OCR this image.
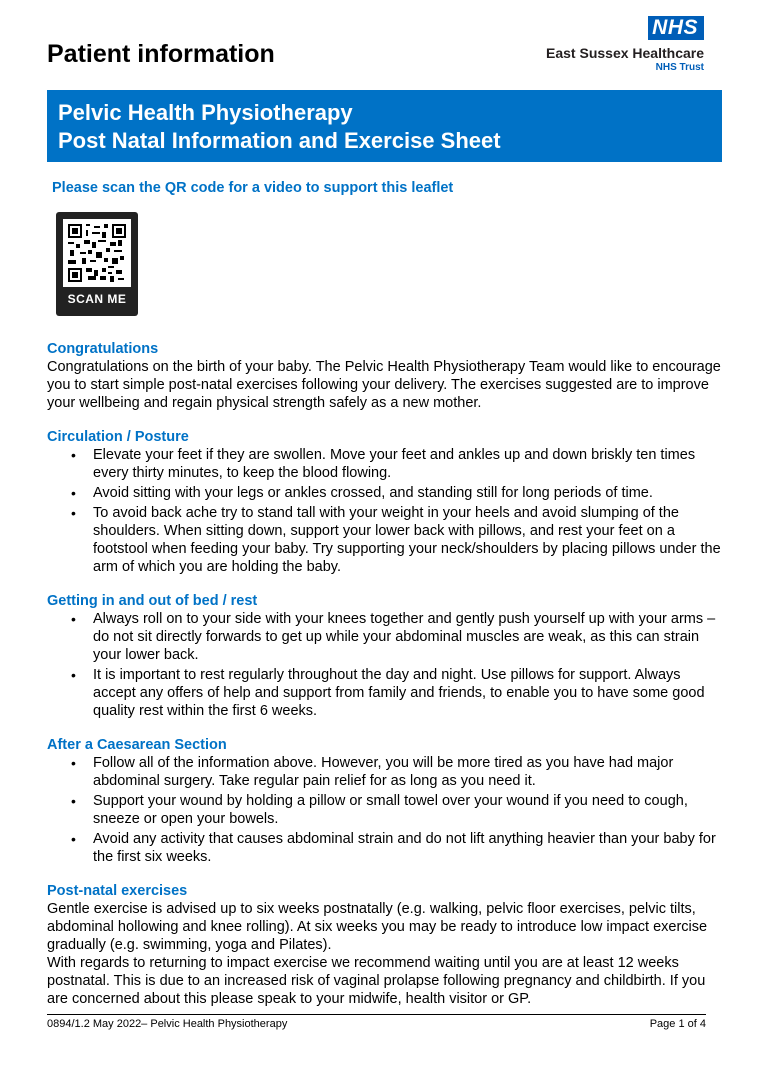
Patient information
NHS
East Sussex Healthcare
NHS Trust
Pelvic Health Physiotherapy
Post Natal Information and Exercise Sheet
Please scan the QR code for a video to support this leaflet
SCAN ME
Congratulations

Congratulations on the birth of your baby. The Pelvic Health Physiotherapy Team would like to encourage you to start simple post-natal exercises following your delivery. The exercises suggested are to improve your wellbeing and regain physical strength safely as a new mother.

Circulation / Posture
• Elevate your feet if they are swollen. Move your feet and ankles up and down briskly ten times every thirty minutes, to keep the blood flowing.
• Avoid sitting with your legs or ankles crossed, and standing still for long periods of time.
• To avoid back ache try to stand tall with your weight in your heels and avoid slumping of the shoulders. When sitting down, support your lower back with pillows, and rest your feet on a footstool when feeding your baby. Try supporting your neck/shoulders by placing pillows under the arm of which you are holding the baby.
Getting in and out of bed / rest
• Always roll on to your side with your knees together and gently push yourself up with your arms – do not sit directly forwards to get up while your abdominal muscles are weak, as this can strain your lower back.
• It is important to rest regularly throughout the day and night. Use pillows for support. Always accept any offers of help and support from family and friends, to enable you to have some good quality rest within the first 6 weeks.
After a Caesarean Section
• Follow all of the information above. However, you will be more tired as you have had major abdominal surgery. Take regular pain relief for as long as you need it.
• Support your wound by holding a pillow or small towel over your wound if you need to cough, sneeze or open your bowels.
• Avoid any activity that causes abdominal strain and do not lift anything heavier than your baby for the first six weeks.
Post-natal exercises

Gentle exercise is advised up to six weeks postnatally (e.g. walking, pelvic floor exercises, pelvic tilts, abdominal hollowing and knee rolling). At six weeks you may be ready to introduce low impact exercise gradually (e.g. swimming, yoga and Pilates).

With regards to returning to impact exercise we recommend waiting until you are at least 12 weeks postnatal. This is due to an increased risk of vaginal prolapse following pregnancy and childbirth. If you are concerned about this please speak to your midwife, health visitor or GP.

0894/1.2 May 2022– Pelvic Health Physiotherapy	Page 1 of 4
